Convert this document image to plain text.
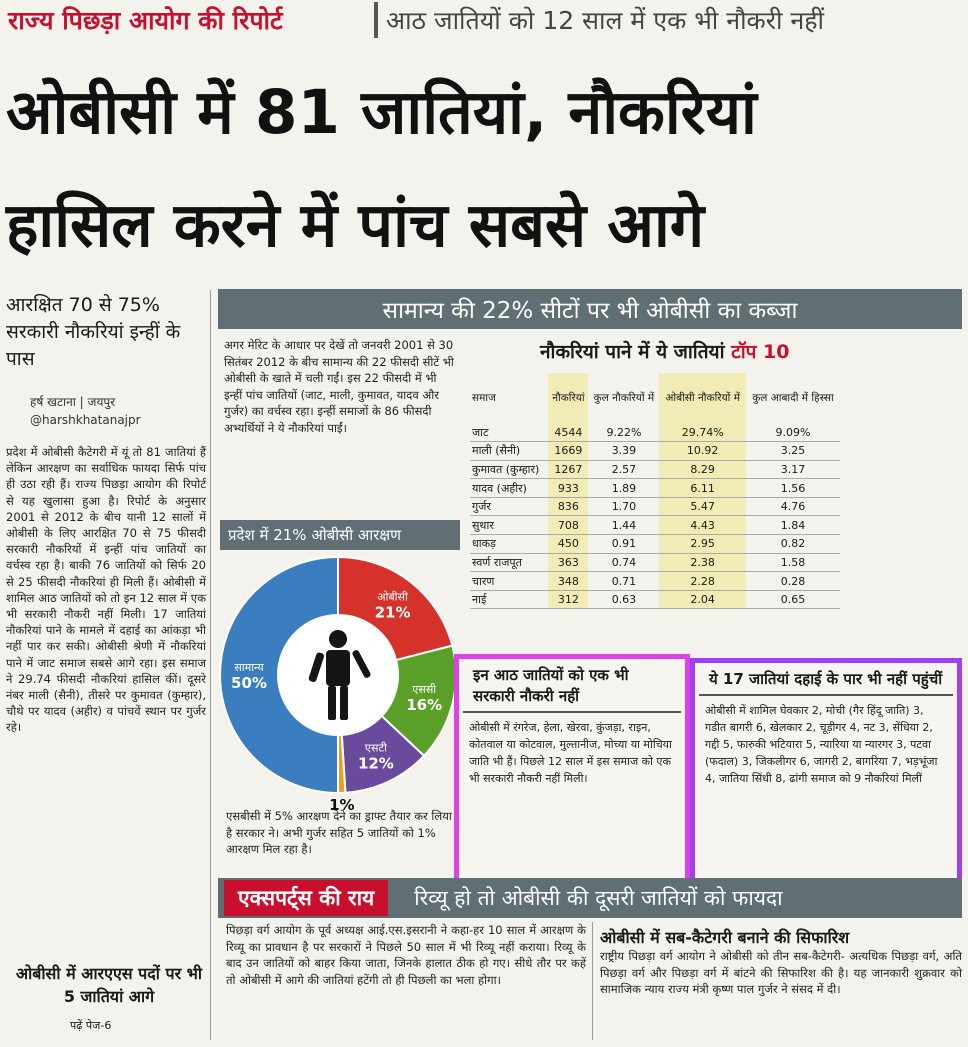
राज्य पिछड़ा आयोग की रिपोर्ट	आठ जातियों को 12 साल में एक भी नौकरी नहीं
ओबीसी में 81 जातियां, नौकरियां
हासिल करने में पांच सबसे आगे
आरक्षित 70 से 75% सरकारी नौकरियां इन्हीं के पास
हर्ष खटाना | जयपुर
@harshkhatanajpr
प्रदेश में ओबीसी कैटेगरी में यूं तो 81 जातियां हैं लेकिन आरक्षण का सर्वाधिक फायदा सिर्फ पांच ही उठा रही हैं। राज्य पिछड़ा आयोग की रिपोर्ट से यह खुलासा हुआ है। रिपोर्ट के अनुसार 2001 से 2012 के बीच यानी 12 सालों में ओबीसी के लिए आरक्षित 70 से 75 फीसदी सरकारी नौकरियों में इन्हीं पांच जातियों का वर्चस्व रहा है। बाकी 76 जातियों को सिर्फ 20 से 25 फीसदी नौकरियां ही मिली हैं। ओबीसी में शामिल आठ जातियों को तो इन 12 साल में एक भी सरकारी नौकरी नहीं मिली। 17 जातियां नौकरियां पाने के मामले में दहाई का आंकड़ा भी नहीं पार कर सकी। ओबीसी श्रेणी में नौकरियां पाने में जाट समाज सबसे आगे रहा। इस समाज ने 29.74 फीसदी नौकरियां हासिल कीं। दूसरे नंबर माली (सैनी), तीसरे पर कुमावत (कुम्हार), चौथे पर यादव (अहीर) व पांचवें स्थान पर गुर्जर रहे।
ओबीसी में आरएएस पदों पर भी 5 जातियां आगे
पढ़ें पेज-6
सामान्य की 22% सीटों पर भी ओबीसी का कब्जा
अगर मेरिट के आधार पर देखें तो जनवरी 2001 से 30 सितंबर 2012 के बीच सामान्य की 22 फीसदी सीटें भी ओबीसी के खाते में चली गईं। इस 22 फीसदी में भी इन्हीं पांच जातियों (जाट, माली, कुमावत, यादव और गुर्जर) का वर्चस्व रहा। इन्हीं समाजों के 86 फीसदी अभ्यर्थियों ने ये नौकरियां पाईं।
नौकरियां पाने में ये जातियां टॉप 10
समाज	नौकरियां	कुल नौकरियों में	ओबीसी नौकरियों में	कुल आबादी में हिस्सा
जाट	4544	9.22%	29.74%	9.09%
माली (सैनी)	1669	3.39	10.92	3.25
कुमावत (कुम्हार)	1267	2.57	8.29	3.17
यादव (अहीर)	933	1.89	6.11	1.56
गुर्जर	836	1.70	5.47	4.76
सुथार	708	1.44	4.43	1.84
धाकड़	450	0.91	2.95	0.82
स्वर्ण राजपूत	363	0.74	2.38	1.58
चारण	348	0.71	2.28	0.28
नाई	312	0.63	2.04	0.65
प्रदेश में 21% ओबीसी आरक्षण
ओबीसी
21%
एससी
16%
एसटी
12%
1%
सामान्य
50%
एसबीसी में 5% आरक्षण देने का ड्राफ्ट तैयार कर लिया है सरकार ने। अभी गुर्जर सहित 5 जातियों को 1% आरक्षण मिल रहा है।
इन आठ जातियों को एक भी सरकारी नौकरी नहीं
ओबीसी में रंगरेज, हेला, खेरवा, कुंजड़ा, राइन, कोतवाल या कोटवाल, मुल्तानीज, मोच्या या मोचिया जाति भी हैं। पिछले 12 साल में इस समाज को एक भी सरकारी नौकरी नहीं मिली।
ये 17 जातियां दहाई के पार भी नहीं पहुंचीं
ओबीसी में शामिल घेवकार 2, मोची (गैर हिंदू जाति) 3, गडीत बागरी 6, खेलकार 2, चूड़ीगर 4, नट 3, सेंधिया 2, गद्दी 5, फारुकी भटियारा 5, न्यारिया या न्यारगर 3, पटवा (फदाल) 3, जिकलीगर 6, जागरी 2, बागरिया 7, भड़भूंजा 4, जातिया सिंधी 8, ढांगी समाज को 9 नौकरियां मिलीं
एक्सपर्ट्स की राय	रिव्यू हो तो ओबीसी की दूसरी जातियों को फायदा
पिछड़ा वर्ग आयोग के पूर्व अध्यक्ष आई.एस.इसरानी ने कहा-हर 10 साल में आरक्षण के रिव्यू का प्रावधान है पर सरकारों ने पिछले 50 साल में भी रिव्यू नहीं कराया। रिव्यू के बाद उन जातियों को बाहर किया जाता, जिनके हालात ठीक हो गए। सीधे तौर पर कहें तो ओबीसी में आगे की जातियां हटेंगी तो ही पिछली का भला होगा।
ओबीसी में सब-कैटेगरी बनाने की सिफारिश
राष्ट्रीय पिछड़ा वर्ग आयोग ने ओबीसी को तीन सब-कैटेगरी- अत्यधिक पिछड़ा वर्ग, अति पिछड़ा वर्ग और पिछड़ा वर्ग में बांटने की सिफारिश की है। यह जानकारी शुक्रवार को सामाजिक न्याय राज्य मंत्री कृष्ण पाल गुर्जर ने संसद में दी।
